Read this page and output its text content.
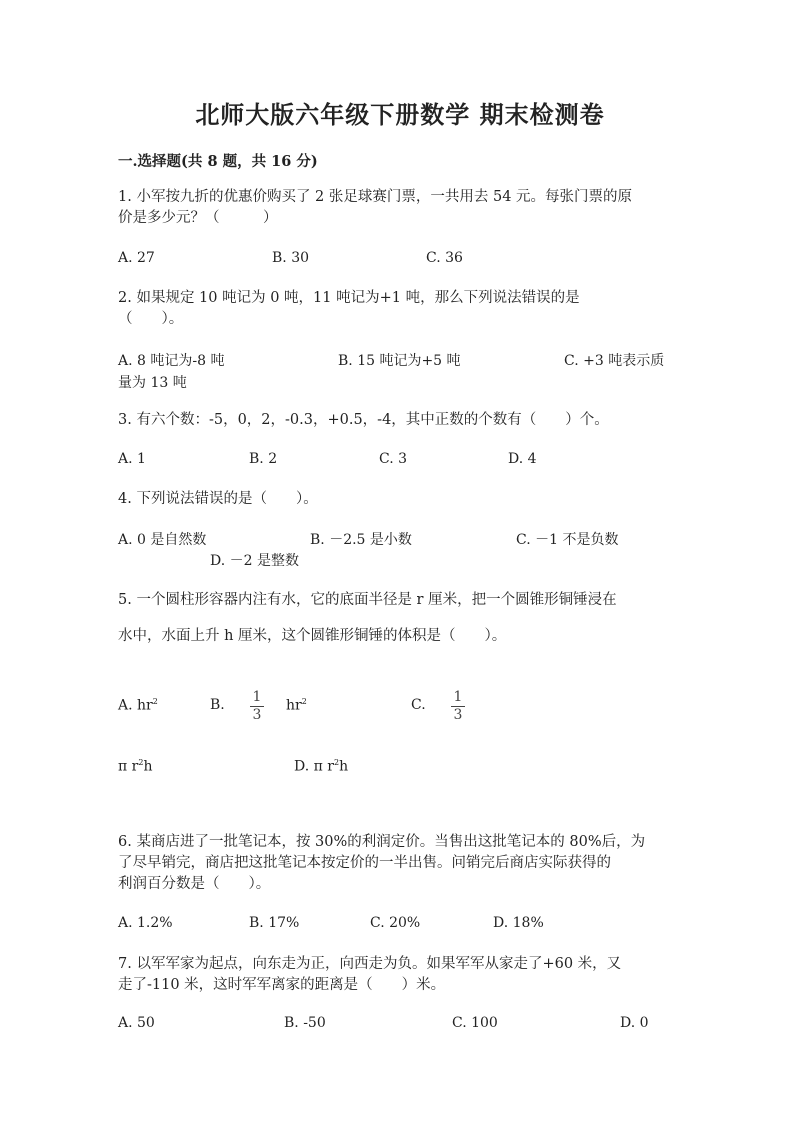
北师大版六年级下册数学 期末检测卷
一.选择题(共 8 题，共 16 分)
1. 小军按九折的优惠价购买了 2 张足球赛门票，一共用去 54 元。每张门票的原
价是多少元？（　　　）
A. 27	B. 30	C. 36
2. 如果规定 10 吨记为 0 吨，11 吨记为+1 吨，那么下列说法错误的是
（　　）。
A. 8 吨记为-8 吨	B. 15 吨记为+5 吨	C. +3 吨表示质
量为 13 吨
3. 有六个数：-5，0，2，-0.3，+0.5，-4，其中正数的个数有（　　）个。
A. 1	B. 2	C. 3	D. 4
4. 下列说法错误的是（　　）。
A. 0 是自然数	B. －2.5 是小数	C. －1 不是负数
D. －2 是整数
5. 一个圆柱形容器内注有水，它的底面半径是 r 厘米，把一个圆锥形铜锤浸在
水中，水面上升 h 厘米，这个圆锥形铜锤的体积是（　　）。
A. $hr^2$	B.	1
3
$hr^2$	C.	1
3
π $r^2h$	D. π $r^2h$
6. 某商店进了一批笔记本，按 30%的利润定价。当售出这批笔记本的 80%后，为
了尽早销完，商店把这批笔记本按定价的一半出售。问销完后商店实际获得的
利润百分数是（　　）。
A. 1.2%	B. 17%	C. 20%	D. 18%
7. 以军军家为起点，向东走为正，向西走为负。如果军军从家走了+60 米，又
走了-110 米，这时军军离家的距离是（　　）米。
A. 50	B. -50	C. 100	D. 0
